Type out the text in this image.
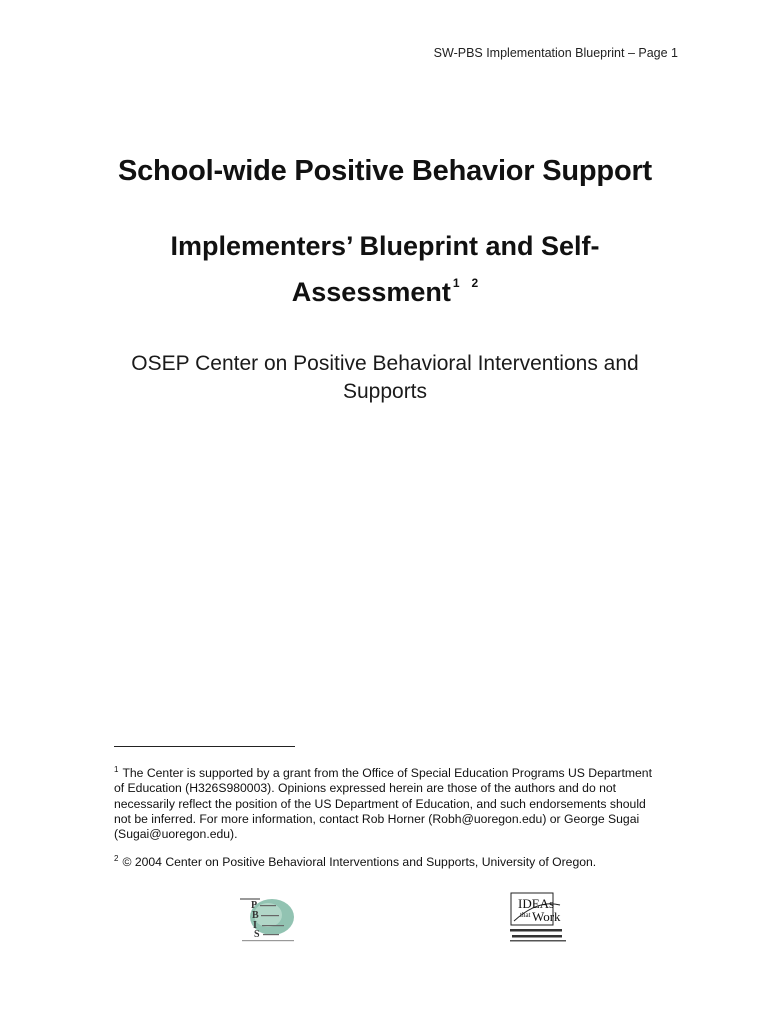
SW-PBS Implementation Blueprint – Page 1
School-wide Positive Behavior Support
Implementers’ Blueprint and Self-
Assessment $^1$ $^2$
OSEP Center on Positive Behavioral Interventions and
Supports
$^1$ The Center is supported by a grant from the Office of Special Education Programs US Department
of Education (H326S980003). Opinions expressed herein are those of the authors and do not
necessarily reflect the position of the US Department of Education, and such endorsements should
not be inferred. For more information, contact Rob Horner (Robh@uoregon.edu) or George Sugai
(Sugai@uoregon.edu).
$^2$ © 2004 Center on Positive Behavioral Interventions and Supports, University of Oregon.
P
B
I
S
IDEAs
that Work
